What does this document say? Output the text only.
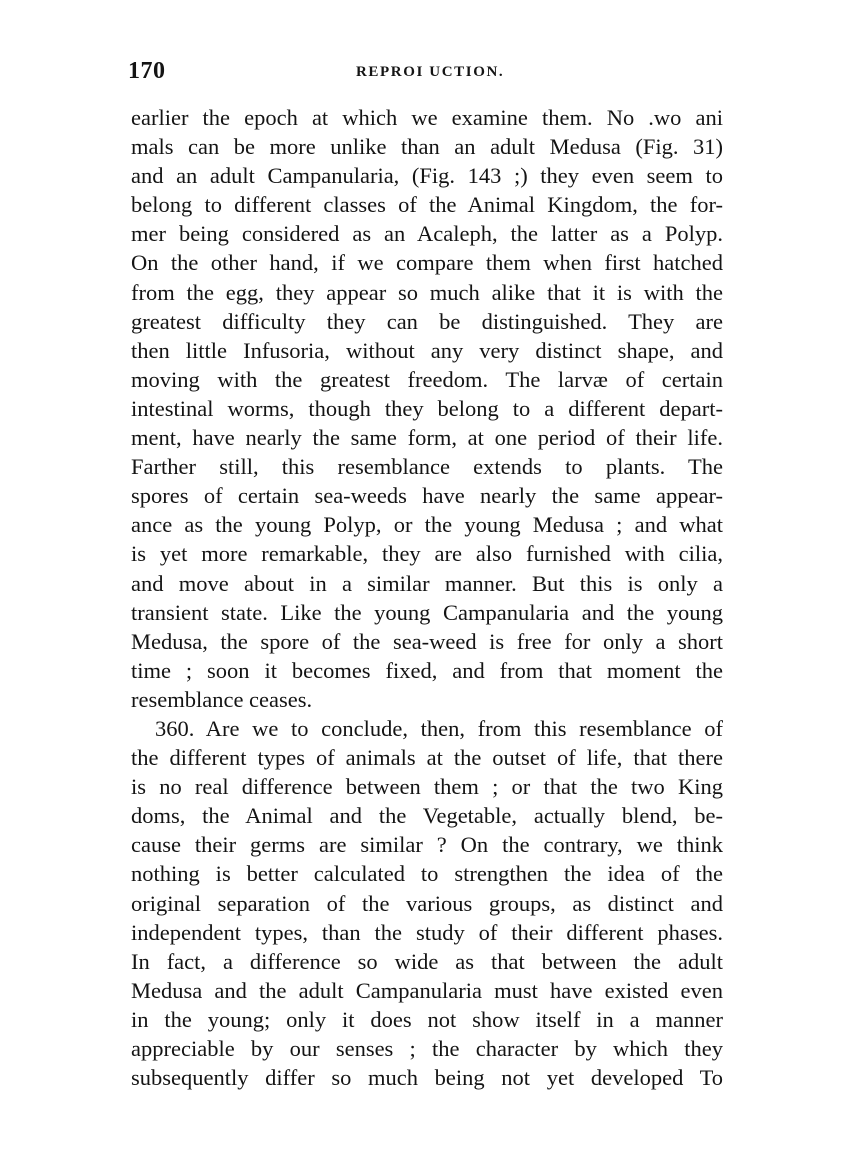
170	REPROI UCTION.
earlier the epoch at which we examine them. No .wo ani
mals can be more unlike than an adult Medusa (Fig. 31)
and an adult Campanularia, (Fig. 143 ;) they even seem to
belong to different classes of the Animal Kingdom, the for-
mer being considered as an Acaleph, the latter as a Polyp.
On the other hand, if we compare them when first hatched
from the egg, they appear so much alike that it is with the
greatest difficulty they can be distinguished. They are
then little Infusoria, without any very distinct shape, and
moving with the greatest freedom. The larvæ of certain
intestinal worms, though they belong to a different depart-
ment, have nearly the same form, at one period of their life.
Farther still, this resemblance extends to plants. The
spores of certain sea-weeds have nearly the same appear-
ance as the young Polyp, or the young Medusa ; and what
is yet more remarkable, they are also furnished with cilia,
and move about in a similar manner. But this is only a
transient state. Like the young Campanularia and the young
Medusa, the spore of the sea-weed is free for only a short
time ; soon it becomes fixed, and from that moment the
resemblance ceases.
360. Are we to conclude, then, from this resemblance of
the different types of animals at the outset of life, that there
is no real difference between them ; or that the two King
doms, the Animal and the Vegetable, actually blend, be-
cause their germs are similar ? On the contrary, we think
nothing is better calculated to strengthen the idea of the
original separation of the various groups, as distinct and
independent types, than the study of their different phases.
In fact, a difference so wide as that between the adult
Medusa and the adult Campanularia must have existed even
in the young; only it does not show itself in a manner
appreciable by our senses ; the character by which they
subsequently differ so much being not yet developed To
